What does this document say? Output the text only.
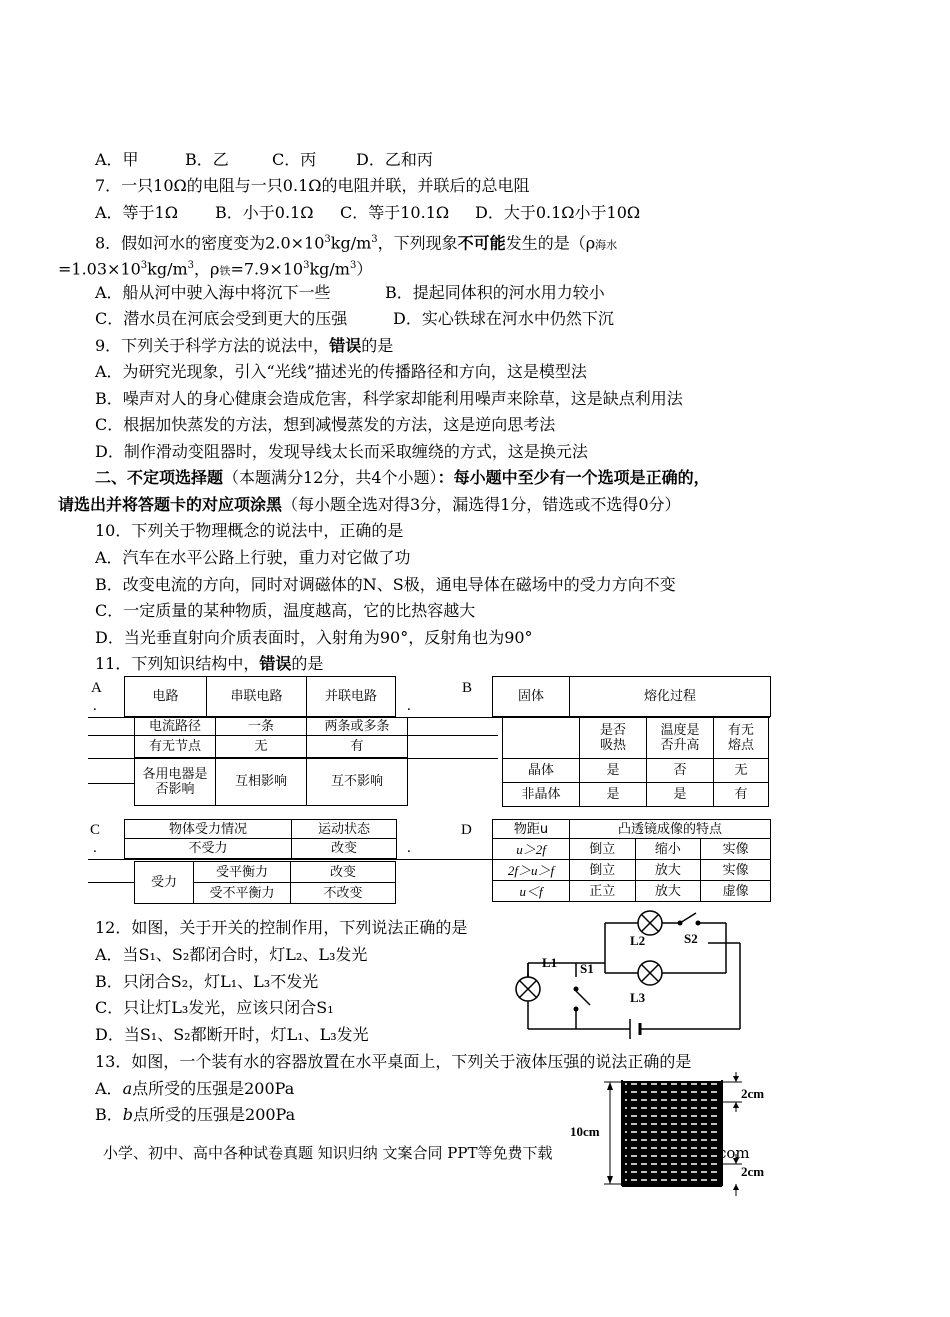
A．甲	B．乙	C．丙 D．乙和丙
7．一只10Ω的电阻与一只0.1Ω的电阻并联，并联后的总电阻
A．等于1Ω B．小于0.1Ω C．等于10.1Ω D．大于0.1Ω小于10Ω
8．假如河水的密度变为$2.0\times 10^3kg/m^3$，下列现象不可能发生的是（ρ海水
$=1.03\times 10^3kg/m^3$，ρ铁$=7.9\times 10^3kg/m^3$）
A．船从河中驶入海中将沉下一些	B．提起同体积的河水用力较小
C．潜水员在河底会受到更大的压强	D．实心铁球在河水中仍然下沉
9．下列关于科学方法的说法中，错误的是
A．为研究光现象，引入“光线”描述光的传播路径和方向，这是模型法
B．噪声对人的身心健康会造成危害，科学家却能利用噪声来除草，这是缺点利用法
C．根据加快蒸发的方法，想到减慢蒸发的方法，这是逆向思考法
D．制作滑动变阻器时，发现导线太长而采取缠绕的方式，这是换元法
二、不定项选择题（本题满分12分，共4个小题）：每小题中至少有一个选项是正确的，
请选出并将答题卡的对应项涂黑（每小题全选对得3分，漏选得1分，错选或不选得0分）
10．下列关于物理概念的说法中，正确的是
A．汽车在水平公路上行驶，重力对它做了功
B．改变电流的方向，同时对调磁体的N、S极，通电导体在磁场中的受力方向不变
C．一定质量的某种物质，温度越高，它的比热容越大
D．当光垂直射向介质表面时，入射角为90°，反射角也为90°
11．下列知识结构中，错误的是
A
.	.
B
C
.	.
D
电路	串联电路	并联电路
电流路径	一条	两条或多条
有无节点	无	有

各用电器是否影响	互相影响	互不影响
固体	熔化过程

	是否吸热	温度是否升高	有无熔点

晶体	是	否	无
非晶体	是	是	有
物体受力情况	运动状态
不受力	改变
受力	受平衡力	改变
	受不平衡力	不改变
物距u	凸透镜成像的特点		
u＞2f	倒立	缩小	实像
2f＞u＞f	倒立	放大	实像
u＜f	正立	放大	虚像
12．如图，关于开关的控制作用，下列说法正确的是
A．当S₁、S₂都闭合时，灯L₂、L₃发光
B．只闭合S₂，灯L₁、L₃不发光
C．只让灯L₃发光，应该只闭合S₁
D．当S₁、S₂都断开时，灯L₁、L₃发光
L1 S1
L2	S2
L3
13．如图，一个装有水的容器放置在水平桌面上，下列关于液体压强的说法正确的是
A．a点所受的压强是200Pa
B．b点所受的压强是200Pa
2cm
10cm
2cm
小学、初中、高中各种试卷真题 知识归纳 文案合同 PPT等免费下载	com
